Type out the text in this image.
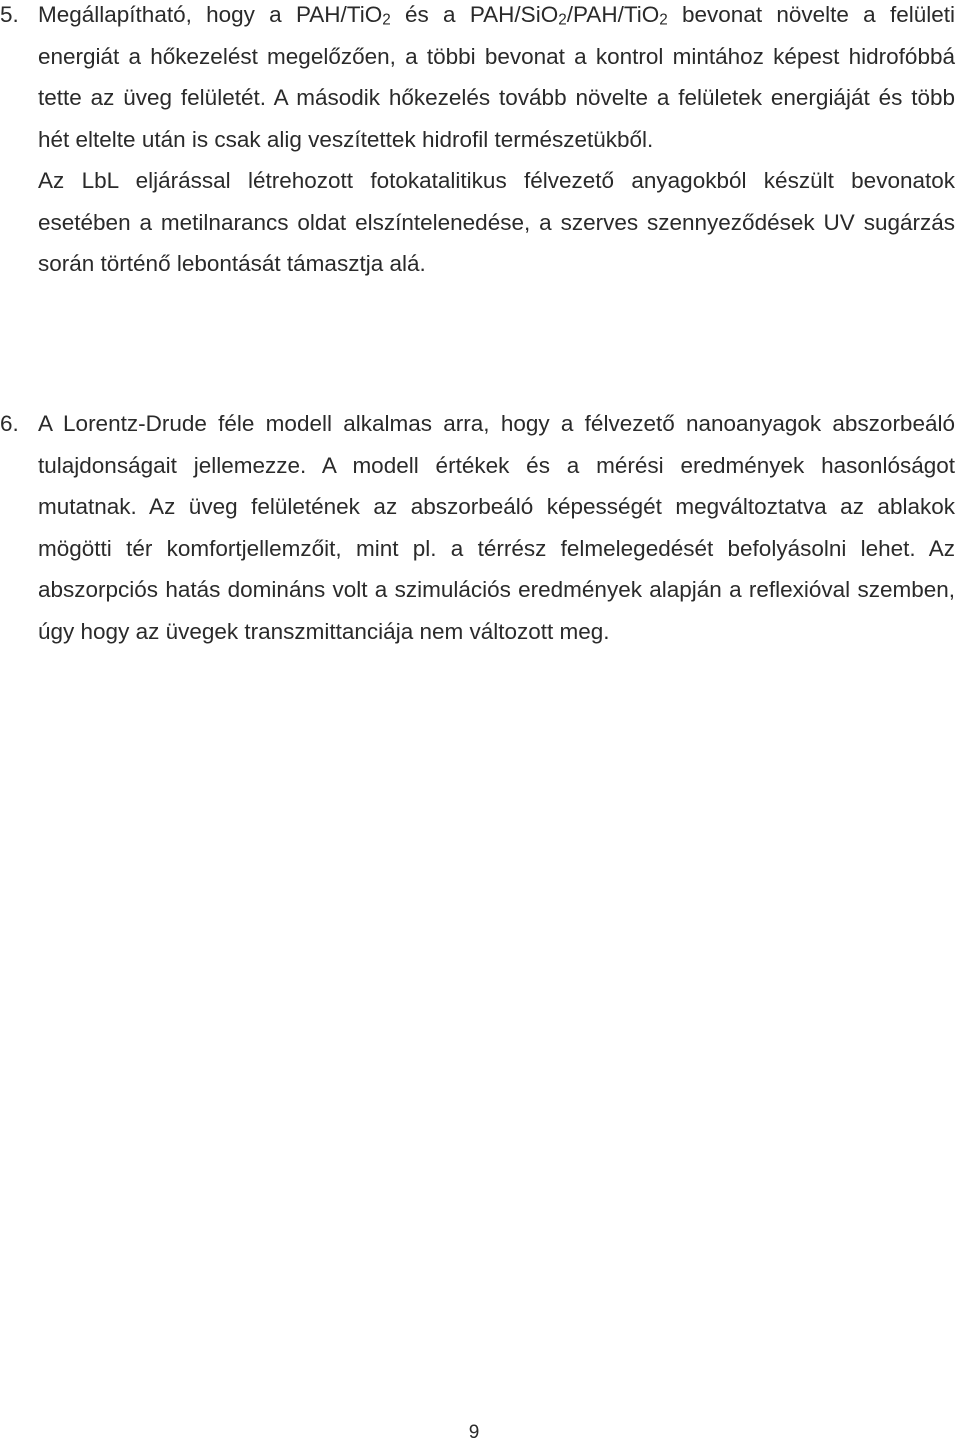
5. Megállapítható, hogy a PAH/TiO$_2$ és a PAH/SiO$_2$/PAH/TiO$_2$ bevonat növelte a felületi energiát a hőkezelést megelőzően, a többi bevonat a kontrol mintához képest hidrofóbbá tette az üveg felületét. A második hőkezelés tovább növelte a felületek energiáját és több hét eltelte után is csak alig veszítettek hidrofil természetükből.

Az LbL eljárással létrehozott fotokatalitikus félvezető anyagokból készült bevonatok esetében a metilnarancs oldat elszíntelenedése, a szerves szennyeződések UV sugárzás során történő lebontását támasztja alá.

6. A Lorentz-Drude féle modell alkalmas arra, hogy a félvezető nanoanyagok abszorbeáló tulajdonságait jellemezze. A modell értékek és a mérési eredmények hasonlóságot mutatnak. Az üveg felületének az abszorbeáló képességét megváltoztatva az ablakok mögötti tér komfortjellemzőit, mint pl. a térrész felmelegedését befolyásolni lehet. Az abszorpciós hatás domináns volt a szimulációs eredmények alapján a reflexióval szemben, úgy hogy az üvegek transzmittanciája nem változott meg.

9
